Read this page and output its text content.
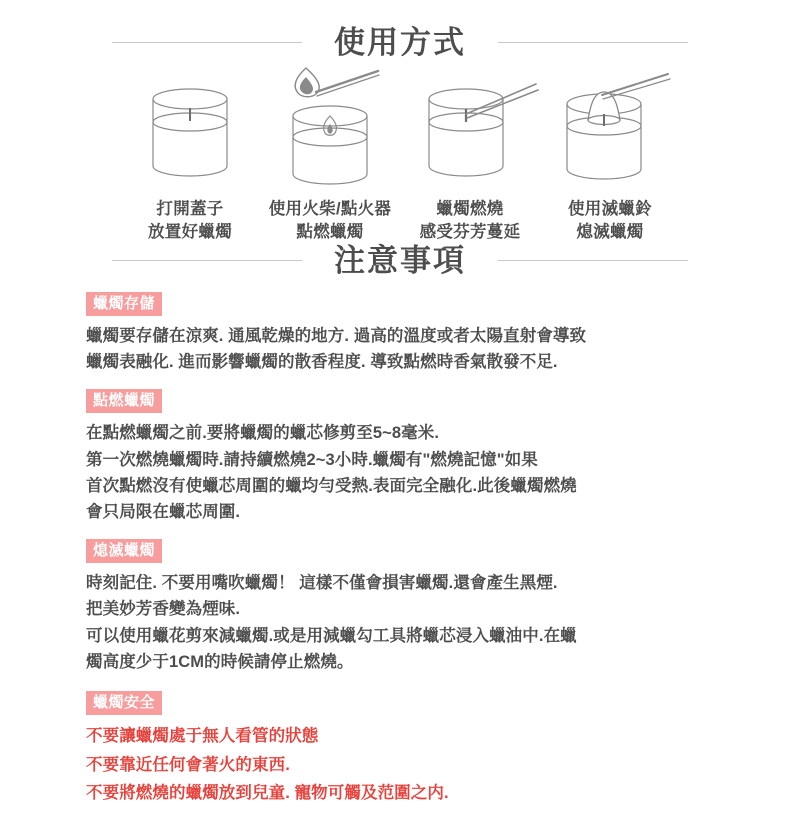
使用方式
打開蓋子
放置好蠟燭
使用火柴/點火器
點燃蠟燭
蠟燭燃燒
感受芬芳蔓延
使用滅蠟鈴
熄滅蠟燭
注意事項
蠟燭存儲

蠟燭要存儲在涼爽. 通風乾燥的地方. 過高的溫度或者太陽直射會導致

蠟燭表融化. 進而影響蠟燭的散香程度. 導致點燃時香氣散發不足.

點燃蠟燭

在點燃蠟燭之前.要將蠟燭的蠟芯修剪至5~8毫米.

第一次燃燒蠟燭時.請持續燃燒2~3小時.蠟燭有"燃燒記憶"如果

首次點燃沒有使蠟芯周圍的蠟均勻受熱.表面完全融化.此後蠟燭燃燒

會只局限在蠟芯周圍.

熄滅蠟燭

時刻記住. 不要用嘴吹蠟燭！ 這樣不僅會損害蠟燭.還會產生黑煙.

把美妙芳香變為煙味.

可以使用蠟花剪來減蠟燭.或是用減蠟勾工具將蠟芯浸入蠟油中.在蠟

燭高度少于1CM的時候請停止燃燒。

蠟燭安全

不要讓蠟燭處于無人看管的狀態

不要靠近任何會著火的東西.

不要將燃燒的蠟燭放到兒童. 寵物可觸及范圍之内.
